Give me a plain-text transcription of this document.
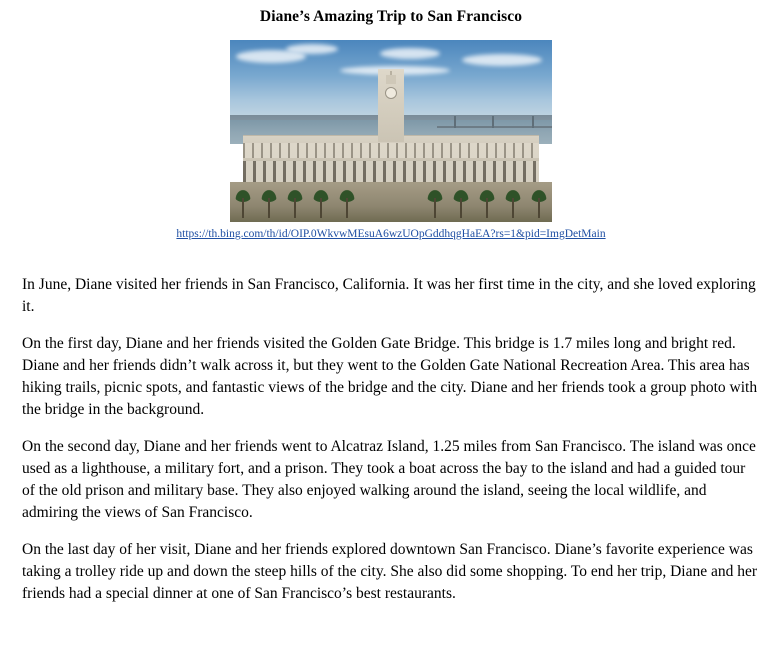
Diane’s Amazing Trip to San Francisco
https://th.bing.com/th/id/OIP.0WkvwMEsuA6wzUOpGddhqgHaEA?rs=1&pid=ImgDetMain

In June, Diane visited her friends in San Francisco, California. It was her first time in the city, and she loved exploring it.

On the first day, Diane and her friends visited the Golden Gate Bridge. This bridge is 1.7 miles long and bright red. Diane and her friends didn’t walk across it, but they went to the Golden Gate National Recreation Area. This area has hiking trails, picnic spots, and fantastic views of the bridge and the city. Diane and her friends took a group photo with the bridge in the background.

On the second day, Diane and her friends went to Alcatraz Island, 1.25 miles from San Francisco. The island was once used as a lighthouse, a military fort, and a prison. They took a boat across the bay to the island and had a guided tour of the old prison and military base. They also enjoyed walking around the island, seeing the local wildlife, and admiring the views of San Francisco.

On the last day of her visit, Diane and her friends explored downtown San Francisco. Diane’s favorite experience was taking a trolley ride up and down the steep hills of the city. She also did some shopping. To end her trip, Diane and her friends had a special dinner at one of San Francisco’s best restaurants.
